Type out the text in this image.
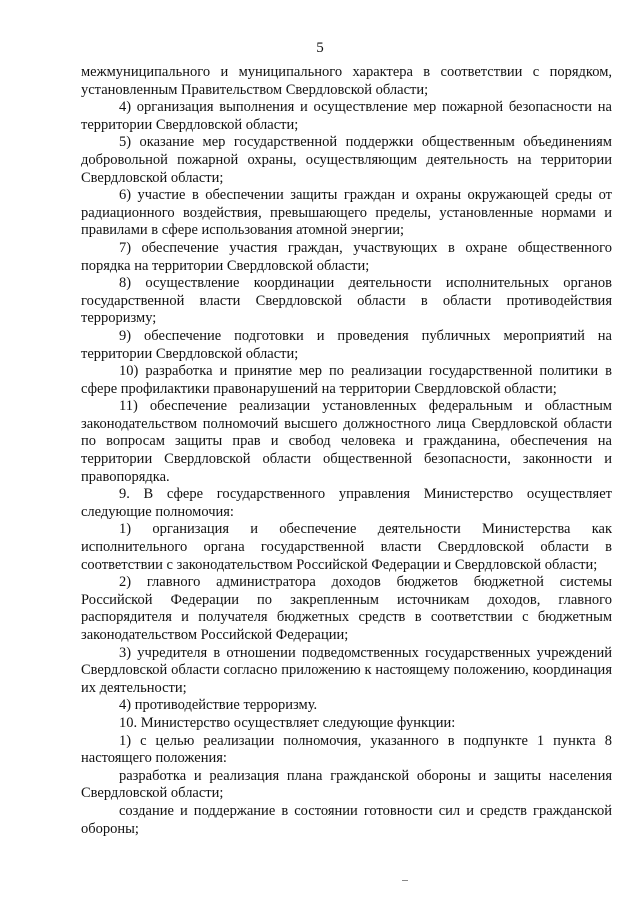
5

межмуниципального и муниципального характера в соответствии с порядком, установленным Правительством Свердловской области;

4) организация выполнения и осуществление мер пожарной безопасности на территории Свердловской области;

5) оказание мер государственной поддержки общественным объединениям добровольной пожарной охраны, осуществляющим деятельность на территории Свердловской области;

6) участие в обеспечении защиты граждан и охраны окружающей среды от радиационного воздействия, превышающего пределы, установленные нормами и правилами в сфере использования атомной энергии;

7) обеспечение участия граждан, участвующих в охране общественного порядка на территории Свердловской области;

8) осуществление координации деятельности исполнительных органов государственной власти Свердловской области в области противодействия терроризму;

9) обеспечение подготовки и проведения публичных мероприятий на территории Свердловской области;

10) разработка и принятие мер по реализации государственной политики в сфере профилактики правонарушений на территории Свердловской области;

11) обеспечение реализации установленных федеральным и областным законодательством полномочий высшего должностного лица Свердловской области по вопросам защиты прав и свобод человека и гражданина, обеспечения на территории Свердловской области общественной безопасности, законности и правопорядка.

9. В сфере государственного управления Министерство осуществляет следующие полномочия:

1) организация и обеспечение деятельности Министерства как исполнительного органа государственной власти Свердловской области в соответствии с законодательством Российской Федерации и Свердловской области;

2) главного администратора доходов бюджетов бюджетной системы Российской Федерации по закрепленным источникам доходов, главного распорядителя и получателя бюджетных средств в соответствии с бюджетным законодательством Российской Федерации;

3) учредителя в отношении подведомственных государственных учреждений Свердловской области согласно приложению к настоящему положению, координация их деятельности;

4) противодействие терроризму.

10. Министерство осуществляет следующие функции:

1) с целью реализации полномочия, указанного в подпункте 1 пункта 8 настоящего положения:

разработка и реализация плана гражданской обороны и защиты населения Свердловской области;

создание и поддержание в состоянии готовности сил и средств гражданской обороны;
